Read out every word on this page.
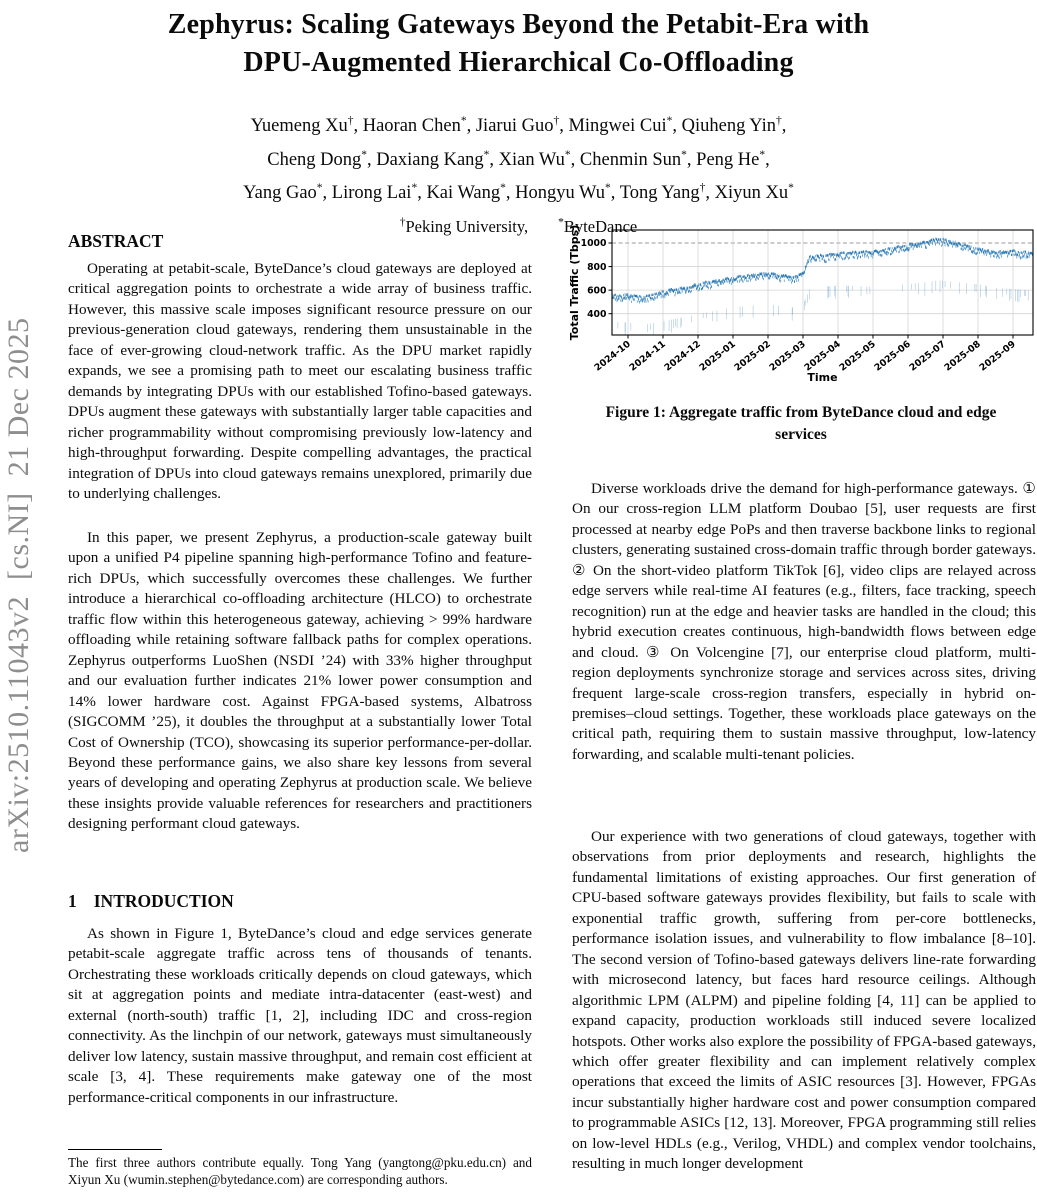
arXiv:2510.11043v2  [cs.NI]  21 Dec 2025
Zephyrus: Scaling Gateways Beyond the Petabit-Era with
DPU-Augmented Hierarchical Co-Offloading
Yuemeng Xu†, Haoran Chen*, Jiarui Guo†, Mingwei Cui*, Qiuheng Yin†,
Cheng Dong*, Daxiang Kang*, Xian Wu*, Chenmin Sun*, Peng He*,
Yang Gao*, Lirong Lai*, Kai Wang*, Hongyu Wu*, Tong Yang†, Xiyun Xu*
†Peking University,	*ByteDance
ABSTRACT

Operating at petabit-scale, ByteDance’s cloud gateways are deployed at critical aggregation points to orchestrate a wide array of business traffic. However, this massive scale imposes significant resource pressure on our previous-generation cloud gateways, rendering them unsustainable in the face of ever-growing cloud-network traffic. As the DPU market rapidly expands, we see a promising path to meet our escalating business traffic demands by integrating DPUs with our established Tofino-based gateways. DPUs augment these gateways with substantially larger table capacities and richer programmability without compromising previously low-latency and high-throughput forwarding. Despite compelling advantages, the practical integration of DPUs into cloud gateways remains unexplored, primarily due to underlying challenges.

In this paper, we present Zephyrus, a production-scale gateway built upon a unified P4 pipeline spanning high-performance Tofino and feature-rich DPUs, which successfully overcomes these challenges. We further introduce a hierarchical co-offloading architecture (HLCO) to orchestrate traffic flow within this heterogeneous gateway, achieving > 99% hardware offloading while retaining software fallback paths for complex operations. Zephyrus outperforms LuoShen (NSDI ’24) with 33% higher throughput and our evaluation further indicates 21% lower power consumption and 14% lower hardware cost. Against FPGA-based systems, Albatross (SIGCOMM ’25), it doubles the throughput at a substantially lower Total Cost of Ownership (TCO), showcasing its superior performance-per-dollar. Beyond these performance gains, we also share key lessons from several years of developing and operating Zephyrus at production scale. We believe these insights provide valuable references for researchers and practitioners designing performant cloud gateways.

1 INTRODUCTION

As shown in Figure 1, ByteDance’s cloud and edge services generate petabit-scale aggregate traffic across tens of thousands of tenants. Orchestrating these workloads critically depends on cloud gateways, which sit at aggregation points and mediate intra-datacenter (east-west) and external (north-south) traffic [1, 2], including IDC and cross-region connectivity. As the linchpin of our network, gateways must simultaneously deliver low latency, sustain massive throughput, and remain cost efficient at scale [3, 4]. These requirements make gateway one of the most performance-critical components in our infrastructure.

The first three authors contribute equally. Tong Yang (yangtong@pku.edu.cn) and Xiyun Xu (wumin.stephen@bytedance.com) are corresponding authors.
400
600
800
1000
2024-10
2024-11
2024-12
2025-01
2025-02
2025-03
2025-04
2025-05
2025-06
2025-07
2025-08
2025-09
Time
Total Traffic (Tbps)
Figure 1: Aggregate traffic from ByteDance cloud and edge
services

Diverse workloads drive the demand for high-performance gateways. ① On our cross-region LLM platform Doubao [5], user requests are first processed at nearby edge PoPs and then traverse backbone links to regional clusters, generating sustained cross-domain traffic through border gateways. ② On the short-video platform TikTok [6], video clips are relayed across edge servers while real-time AI features (e.g., filters, face tracking, speech recognition) run at the edge and heavier tasks are handled in the cloud; this hybrid execution creates continuous, high-bandwidth flows between edge and cloud. ③ On Volcengine [7], our enterprise cloud platform, multi-region deployments synchronize storage and services across sites, driving frequent large-scale cross-region transfers, especially in hybrid on-premises–cloud settings. Together, these workloads place gateways on the critical path, requiring them to sustain massive throughput, low-latency forwarding, and scalable multi-tenant policies.

Our experience with two generations of cloud gateways, together with observations from prior deployments and research, highlights the fundamental limitations of existing approaches. Our first generation of CPU-based software gateways provides flexibility, but fails to scale with exponential traffic growth, suffering from per-core bottlenecks, performance isolation issues, and vulnerability to flow imbalance [8–10]. The second version of Tofino-based gateways delivers line-rate forwarding with microsecond latency, but faces hard resource ceilings. Although algorithmic LPM (ALPM) and pipeline folding [4, 11] can be applied to expand capacity, production workloads still induced severe localized hotspots. Other works also explore the possibility of FPGA-based gateways, which offer greater flexibility and can implement relatively complex operations that exceed the limits of ASIC resources [3]. However, FPGAs incur substantially higher hardware cost and power consumption compared to programmable ASICs [12, 13]. Moreover, FPGA programming still relies on low-level HDLs (e.g., Verilog, VHDL) and complex vendor toolchains, resulting in much longer development
